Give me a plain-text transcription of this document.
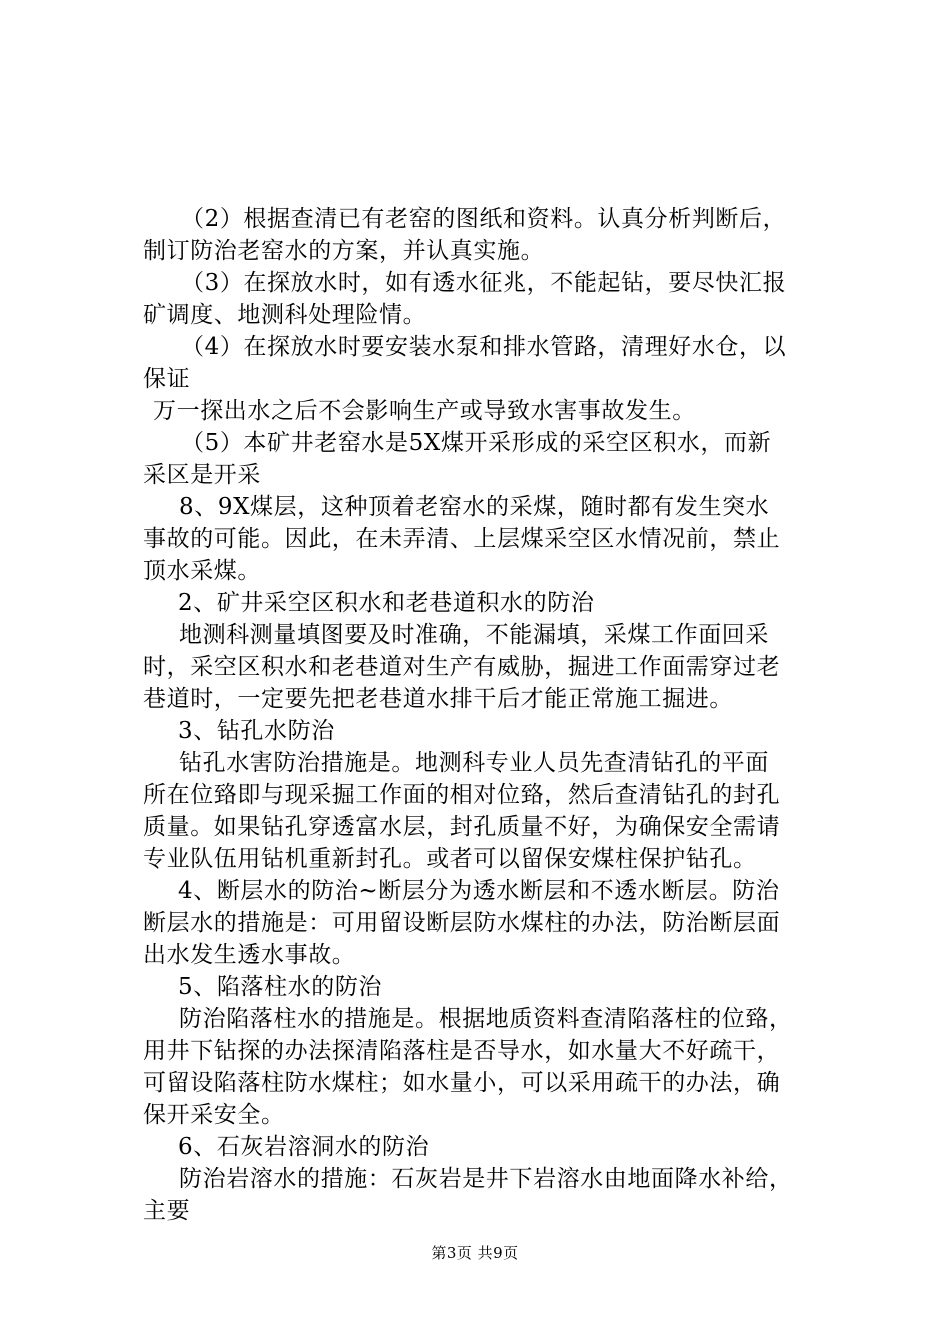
（2）根据查清已有老窑的图纸和资料。认真分析判断后，
制订防治老窑水的方案，并认真实施。
（3）在探放水时，如有透水征兆，不能起钻，要尽快汇报
矿调度、地测科处理险情。
（4）在探放水时要安装水泵和排水管路，清理好水仓，以
保证
万一探出水之后不会影响生产或导致水害事故发生。
（5）本矿井老窑水是5X煤开采形成的采空区积水，而新
采区是开采
8、9X煤层，这种顶着老窑水的采煤，随时都有发生突水
事故的可能。因此，在未弄清、上层煤采空区水情况前，禁止
顶水采煤。
2、矿井采空区积水和老巷道积水的防治
地测科测量填图要及时准确，不能漏填，采煤工作面回采
时，采空区积水和老巷道对生产有威胁，掘进工作面需穿过老
巷道时，一定要先把老巷道水排干后才能正常施工掘进。
3、钻孔水防治
钻孔水害防治措施是。地测科专业人员先查清钻孔的平面
所在位臵即与现采掘工作面的相对位臵，然后查清钻孔的封孔
质量。如果钻孔穿透富水层，封孔质量不好，为确保安全需请
专业队伍用钻机重新封孔。或者可以留保安煤柱保护钻孔。
4、断层水的防治~断层分为透水断层和不透水断层。防治
断层水的措施是：可用留设断层防水煤柱的办法，防治断层面
出水发生透水事故。
5、陷落柱水的防治
防治陷落柱水的措施是。根据地质资料查清陷落柱的位臵，
用井下钻探的办法探清陷落柱是否导水，如水量大不好疏干，
可留设陷落柱防水煤柱；如水量小，可以采用疏干的办法，确
保开采安全。
6、石灰岩溶洞水的防治
防治岩溶水的措施：石灰岩是井下岩溶水由地面降水补给，
主要
第3页 共9页
